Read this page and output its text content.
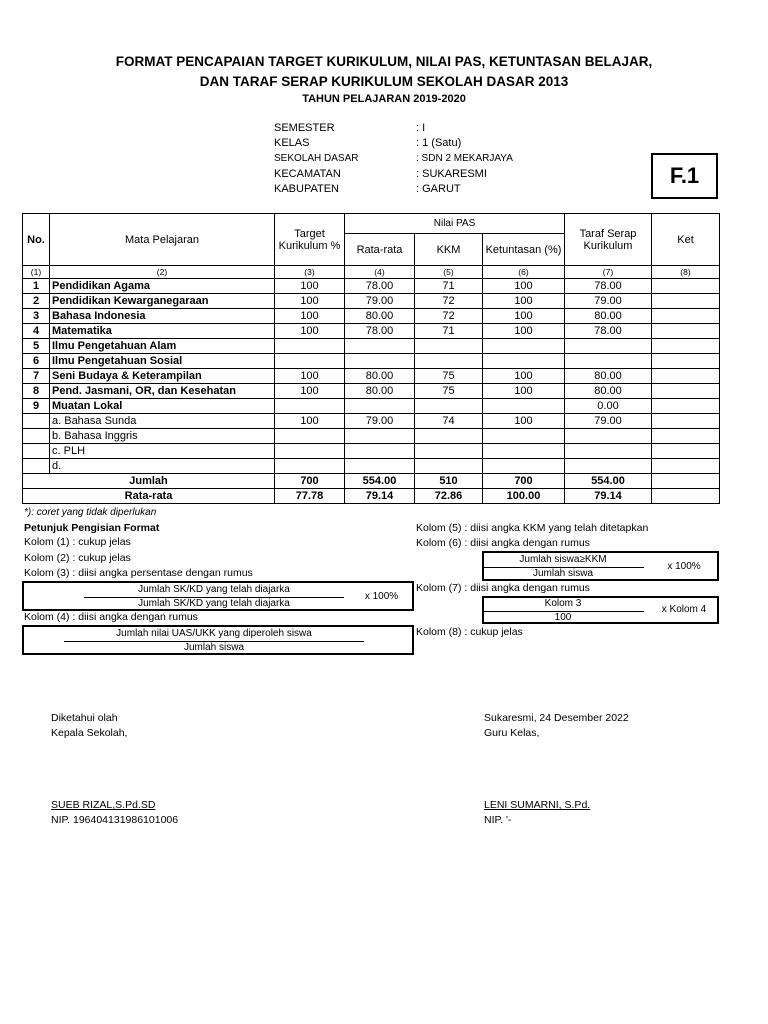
FORMAT PENCAPAIAN TARGET KURIKULUM, NILAI PAS, KETUNTASAN BELAJAR,
DAN TARAF SERAP KURIKULUM SEKOLAH DASAR 2013
TAHUN PELAJARAN 2019-2020
SEMESTER	: I
KELAS	: 1 (Satu)
SEKOLAH DASAR	: SDN 2 MEKARJAYA
KECAMATAN	: SUKARESMI
KABUPATEN	: GARUT
F.1
No.	Mata Pelajaran	Target Kurikulum %	Nilai PAS			Taraf Serap Kurikulum	Ket
			Rata-rata	KKM	Ketuntasan (%)		
(1)	(2)	(3)	(4)	(5)	(6)	(7)	(8)
1	Pendidikan Agama	100	78.00	71	100	78.00	
2	Pendidikan Kewarganegaraan	100	79.00	72	100	79.00	
3	Bahasa Indonesia	100	80.00	72	100	80.00	
4	Matematika	100	78.00	71	100	78.00	
5	Ilmu Pengetahuan Alam						
6	Ilmu Pengetahuan Sosial						
7	Seni Budaya & Keterampilan	100	80.00	75	100	80.00	
8	Pend. Jasmani, OR, dan Kesehatan	100	80.00	75	100	80.00	
9	Muatan Lokal					0.00	
	a. Bahasa Sunda	100	79.00	74	100	79.00	
	b. Bahasa Inggris						
	c. PLH						
	d.						
Jumlah		700	554.00	510	700	554.00	
Rata-rata		77.78	79.14	72.86	100.00	79.14	
*): coret yang tidak diperlukan
Petunjuk Pengisian Format
Kolom (1) : cukup jelas
Kolom (2) : cukup jelas
Kolom (3) : diisi angka persentase dengan rumus
Jumlah SK/KD yang telah diajarka
Jumlah SK/KD yang telah diajarka
x 100%
Kolom (4) : diisi angka dengan rumus
Jumlah nilai UAS/UKK yang diperoleh siswa
Jumlah siswa
Kolom (5) : diisi angka KKM yang telah ditetapkan
Kolom (6) : diisi angka dengan rumus
Jumlah siswa≥KKM
Jumlah siswa
x 100%
Kolom (7) : diisi angka dengan rumus
Kolom 3
100
x Kolom 4
Kolom (8) : cukup jelas
Diketahui olah
Kepala Sekolah,
SUEB RIZAL,S.Pd.SD
NIP. 196404131986101006
Sukaresmi, 24 Desember 2022
Guru Kelas,
LENI SUMARNI, S.Pd.
NIP. '-
